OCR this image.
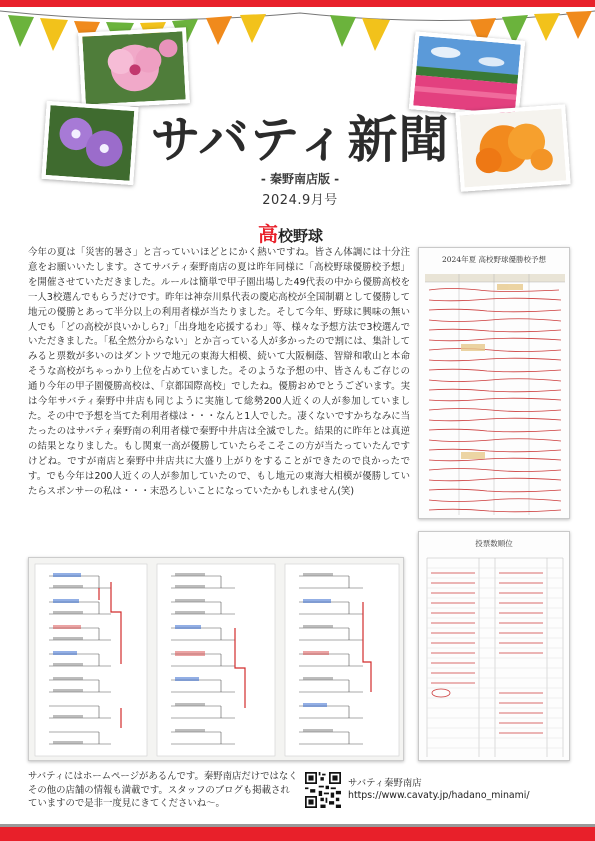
サバティ新聞
- 秦野南店版 -
2024.9月号
高校野球
今年の夏は「災害的暑さ」と言っていいほどとにかく熱いですね。皆さん体調には十分注意をお願いいたします。さてサバティ秦野南店の夏は昨年同様に「高校野球優勝校予想」を開催させていただきました。ルールは簡単で甲子園出場した49代表の中から優勝高校を一人3校選んでもらうだけです。昨年は神奈川県代表の慶応高校が全国制覇として優勝して地元の優勝とあって半分以上の利用者様が当たりました。そして今年、野球に興味の無い人でも「どの高校が良いかしら?」「出身地を応援するわ」等、様々な予想方法で3校選んでいただきました。「私全然分からない」とか言っている人が多かったので割には、集計してみると票数が多いのはダントツで地元の東海大相模、続いて大阪桐蔭、智辯和歌山と本命そうな高校がちゃっかり上位を占めていました。そのような予想の中、皆さんもご存じの通り今年の甲子園優勝高校は、「京都国際高校」でしたね。優勝おめでとうございます。実は今年サバティ秦野中井店も同じように実施して総勢200人近くの人が参加していました。その中で予想を当てた利用者様は・・・なんと1人でした。凄くないですかちなみに当たったのはサバティ秦野南の利用者様で秦野中井店は全滅でした。結果的に昨年とは真逆の結果となりました。もし関東一高が優勝していたらそこそこの方が当たっていたんですけどね。ですが南店と秦野中井店共に大盛り上がりをすることができたので良かったです。でも今年は200人近くの人が参加していたので、もし地元の東海大相模が優勝していたらスポンサーの私は・・・末恐ろしいことになっていたかもしれません(笑)
2024年夏 高校野球優勝校予想
投票数順位
サバティにはホームページがあるんです。秦野南店だけではなくその他の店舗の情報も満載です。スタッフのブログも掲載されていますので是非一度見にきてくださいね〜。
サバティ秦野南店
https://www.cavaty.jp/hadano_minami/
